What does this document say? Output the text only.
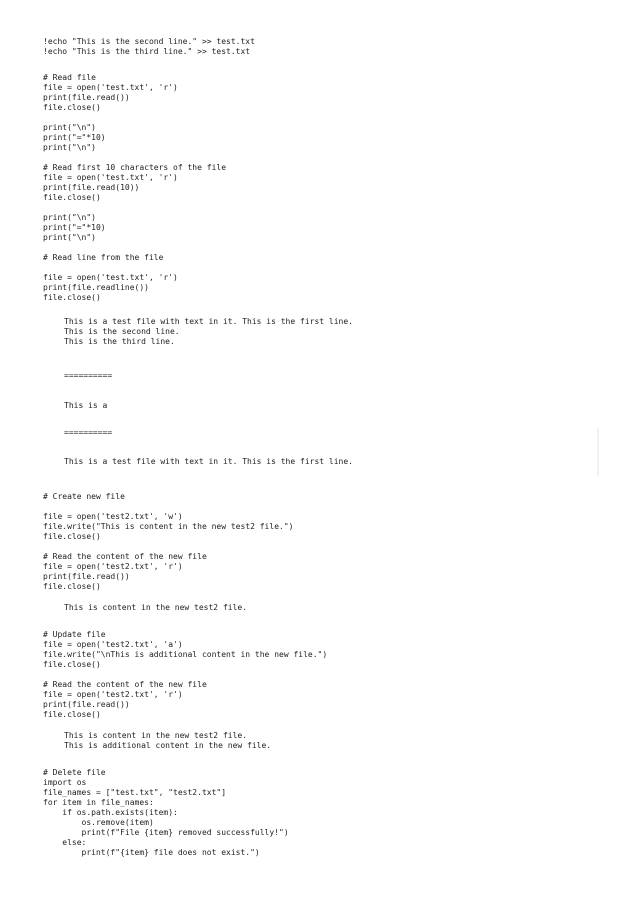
!echo "This is the second line." >> test.txt
!echo "This is the third line." >> test.txt
# Read file
file = open('test.txt', 'r')
print(file.read())
file.close()
print("\n")
print("="*10)
print("\n")
# Read first 10 characters of the file
file = open('test.txt', 'r')
print(file.read(10))
file.close()
print("\n")
print("="*10)
print("\n")
# Read line from the file
file = open('test.txt', 'r')
print(file.readline())
file.close()
This is a test file with text in it. This is the first line.
This is the second line.
This is the third line.
==========
This is a
==========
This is a test file with text in it. This is the first line.
# Create new file
file = open('test2.txt', 'w')
file.write("This is content in the new test2 file.")
file.close()
# Read the content of the new file
file = open('test2.txt', 'r')
print(file.read())
file.close()
This is content in the new test2 file.
# Update file
file = open('test2.txt', 'a')
file.write("\nThis is additional content in the new file.")
file.close()
# Read the content of the new file
file = open('test2.txt', 'r')
print(file.read())
file.close()
This is content in the new test2 file.
This is additional content in the new file.
# Delete file
import os
file_names = ["test.txt", "test2.txt"]
for item in file_names:
if os.path.exists(item):
os.remove(item)
print(f"File {item} removed successfully!")
else:
print(f"{item} file does not exist.")
